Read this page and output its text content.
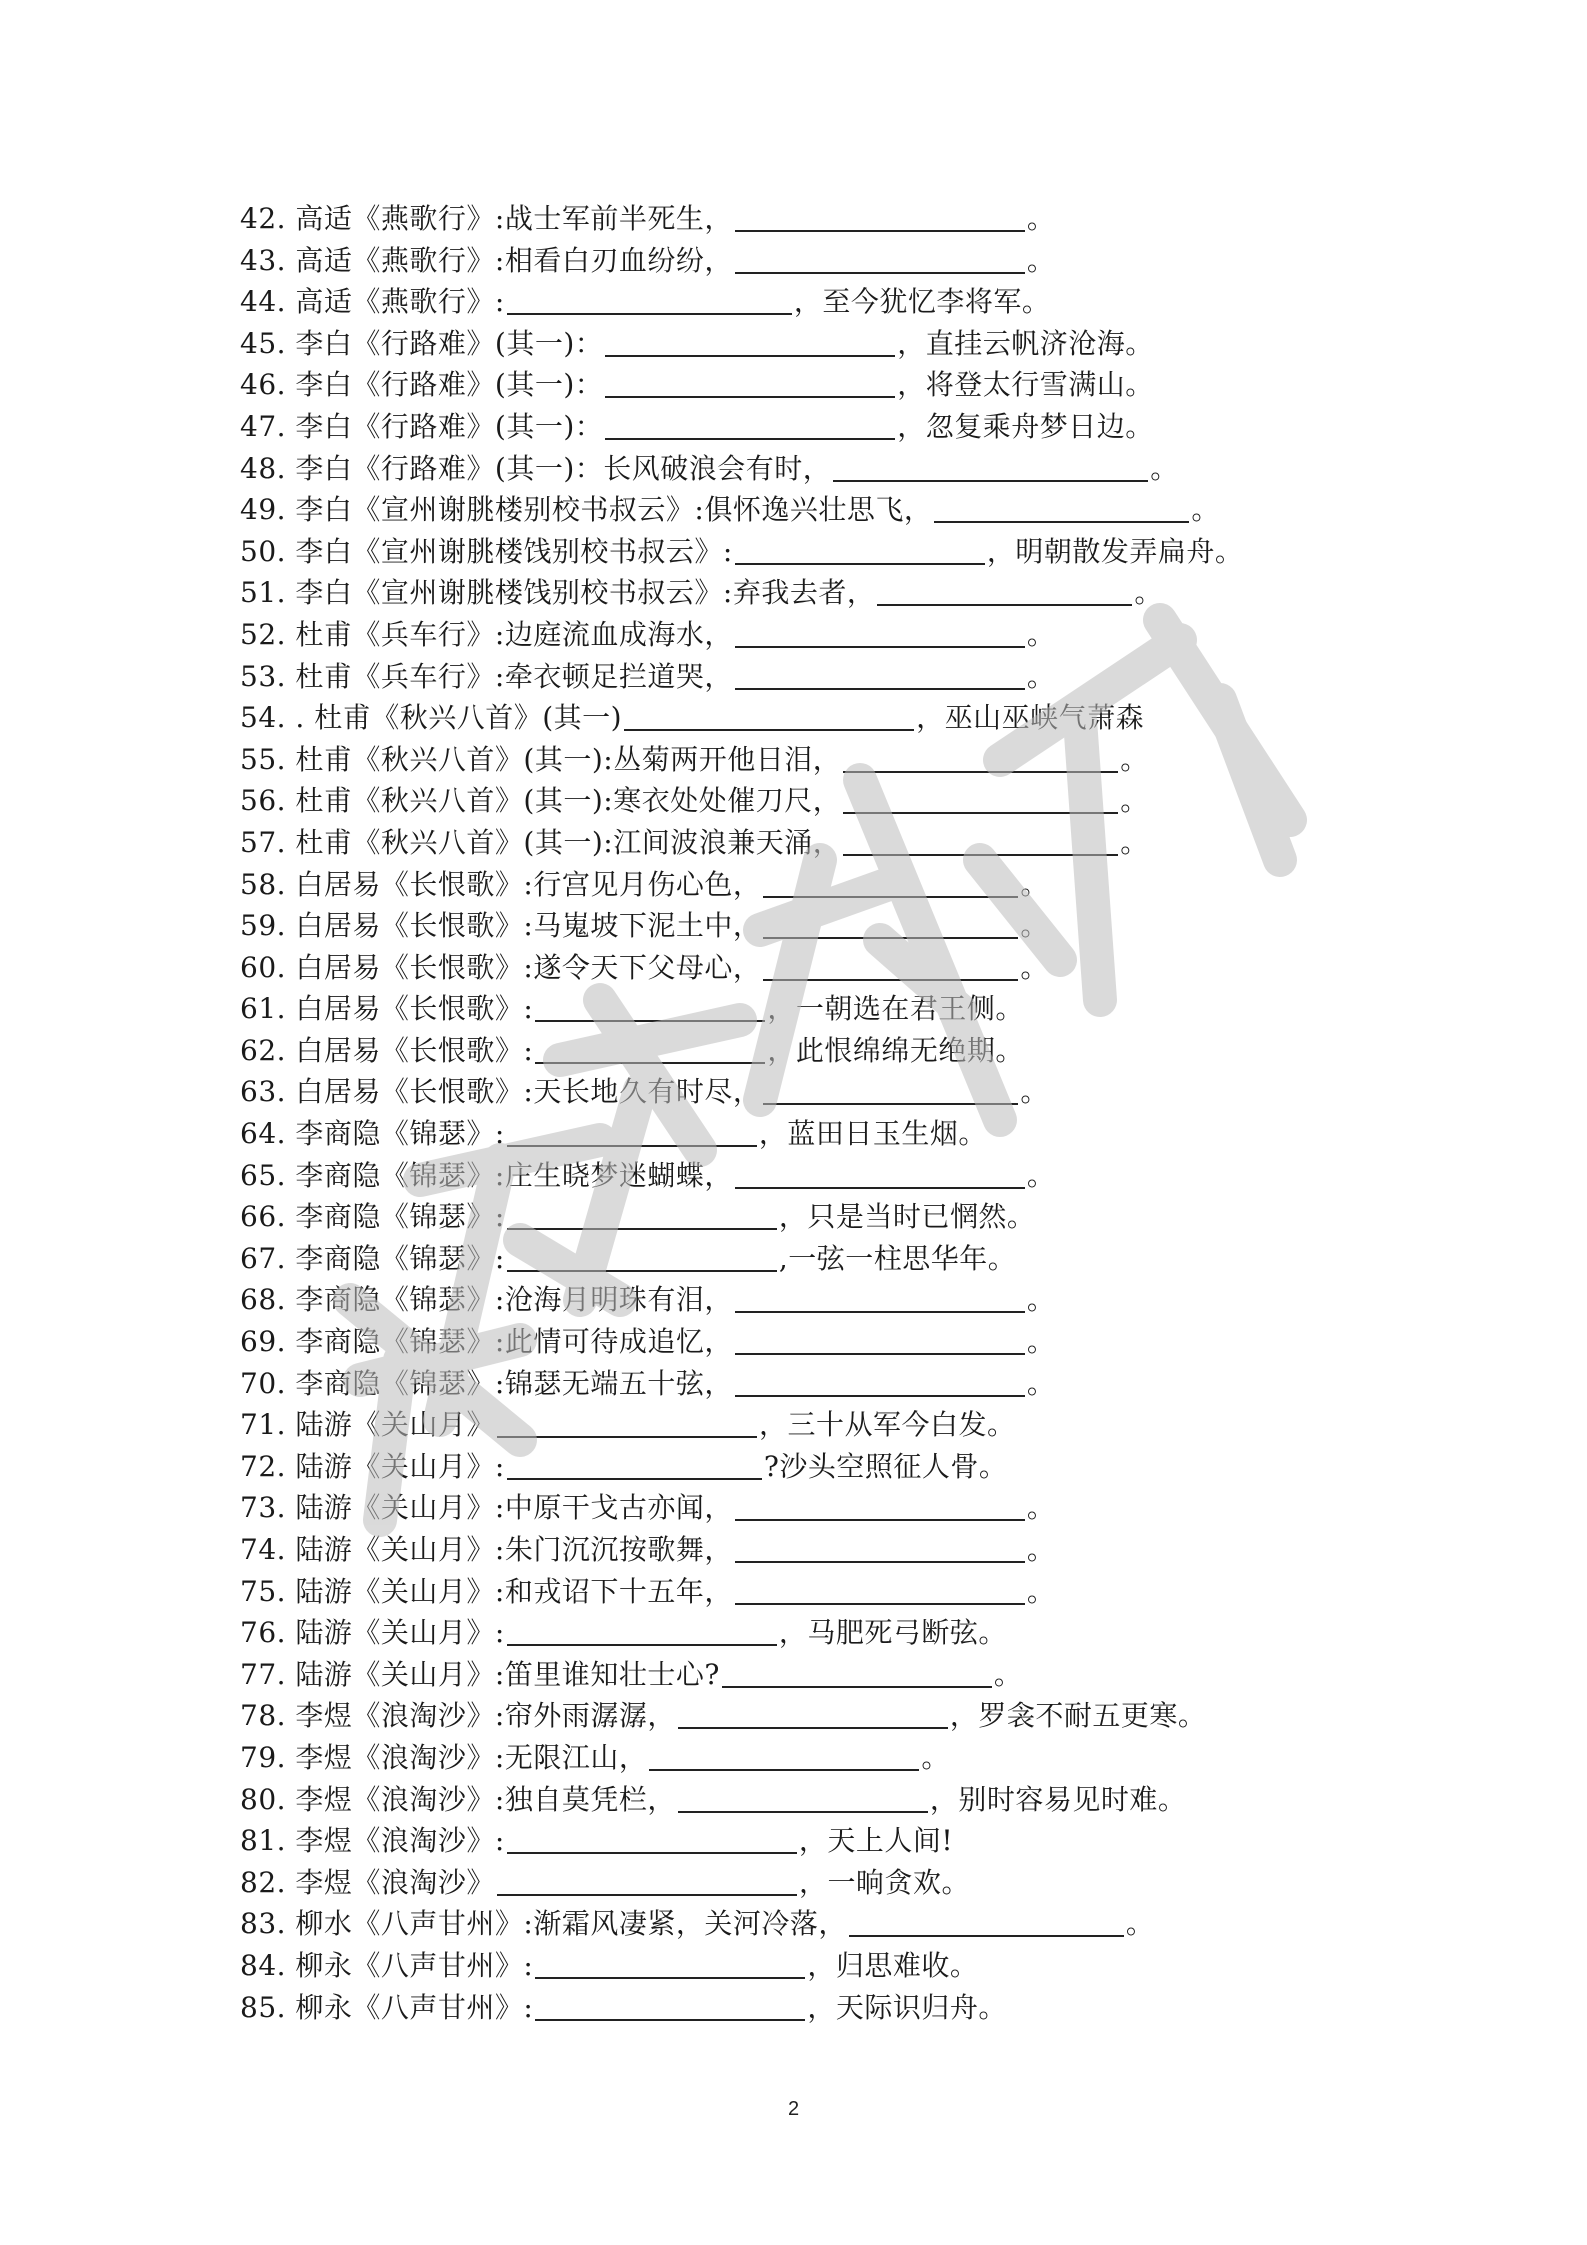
42. 高适《燕歌行》:战士军前半死生，	。
43. 高适《燕歌行》:相看白刃血纷纷，	。
44. 高适《燕歌行》:	，至今犹忆李将军。
45. 李白《行路难》(其一)：	，直挂云帆济沧海。
46. 李白《行路难》(其一)：	，将登太行雪满山。
47. 李白《行路难》(其一)：	，忽复乘舟梦日边。
48. 李白《行路难》(其一)：长风破浪会有时，	。
49. 李白《宣州谢朓楼别校书叔云》:俱怀逸兴壮思飞，	。
50. 李白《宣州谢朓楼饯别校书叔云》:	，明朝散发弄扁舟。
51. 李白《宣州谢朓楼饯别校书叔云》:弃我去者，	。
52. 杜甫《兵车行》:边庭流血成海水，	。
53. 杜甫《兵车行》:牵衣顿足拦道哭，	。
54. . 杜甫《秋兴八首》(其一)	，巫山巫峡气萧森
55. 杜甫《秋兴八首》(其一):丛菊两开他日泪，	。
56. 杜甫《秋兴八首》(其一):寒衣处处催刀尺，	。
57. 杜甫《秋兴八首》(其一):江间波浪兼天涌，	。
58. 白居易《长恨歌》:行宫见月伤心色，	。
59. 白居易《长恨歌》:马嵬坡下泥土中，	。
60. 白居易《长恨歌》:遂令天下父母心，	。
61. 白居易《长恨歌》:	，一朝选在君王侧。
62. 白居易《长恨歌》:	，此恨绵绵无绝期。
63. 白居易《长恨歌》:天长地久有时尽，	。
64. 李商隐《锦瑟》:	，蓝田日玉生烟。
65. 李商隐《锦瑟》:庄生晓梦迷蝴蝶，	。
66. 李商隐《锦瑟》:	，只是当时已惘然。
67. 李商隐《锦瑟》:	,一弦一柱思华年。
68. 李商隐《锦瑟》:沧海月明珠有泪，	。
69. 李商隐《锦瑟》:此情可待成追忆，	。
70. 李商隐《锦瑟》:锦瑟无端五十弦，	。
71. 陆游《关山月》	，三十从军今白发。
72. 陆游《关山月》:	?沙头空照征人骨。
73. 陆游《关山月》:中原干戈古亦闻，	。
74. 陆游《关山月》:朱门沉沉按歌舞，	。
75. 陆游《关山月》:和戎诏下十五年，	。
76. 陆游《关山月》:	，马肥死弓断弦。
77. 陆游《关山月》:笛里谁知壮士心?	。
78. 李煜《浪淘沙》:帘外雨潺潺，	，罗衾不耐五更寒。
79. 李煜《浪淘沙》:无限江山，	。
80. 李煜《浪淘沙》:独自莫凭栏，	，别时容易见时难。
81. 李煜《浪淘沙》:	，天上人间!
82. 李煜《浪淘沙》	，一晌贪欢。
83. 柳水《八声甘州》:渐霜风凄紧，关河冷落，	。
84. 柳永《八声甘州》:	，归思难收。
85. 柳永《八声甘州》:	，天际识归舟。
2
